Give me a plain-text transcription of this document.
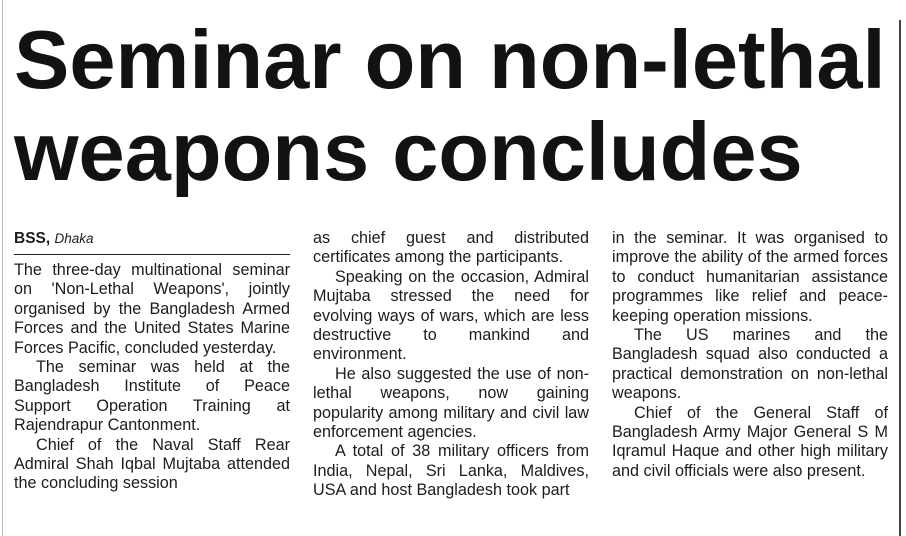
Seminar on non-lethal
weapons concludes
BSS, Dhaka

The three-day multinational seminar on 'Non-Lethal Weapons', jointly organised by the Bangladesh Armed Forces and the United States Marine Forces Pacific, concluded yesterday.

The seminar was held at the Bangladesh Institute of Peace Support Operation Training at Rajendrapur Cantonment.

Chief of the Naval Staff Rear Admiral Shah Iqbal Mujtaba attended the concluding session

as chief guest and distributed certificates among the participants.

Speaking on the occasion, Admiral Mujtaba stressed the need for evolving ways of wars, which are less destructive to mankind and environment.

He also suggested the use of non-lethal weapons, now gaining popularity among military and civil law enforcement agencies.

A total of 38 military officers from India, Nepal, Sri Lanka, Maldives, USA and host Bangladesh took part

in the seminar. It was organised to improve the ability of the armed forces to conduct humanitarian assistance programmes like relief and peace-keeping operation missions.

The US marines and the Bangladesh squad also conducted a practical demonstration on non-lethal weapons.

Chief of the General Staff of Bangladesh Army Major General S M Iqramul Haque and other high military and civil officials were also present.
